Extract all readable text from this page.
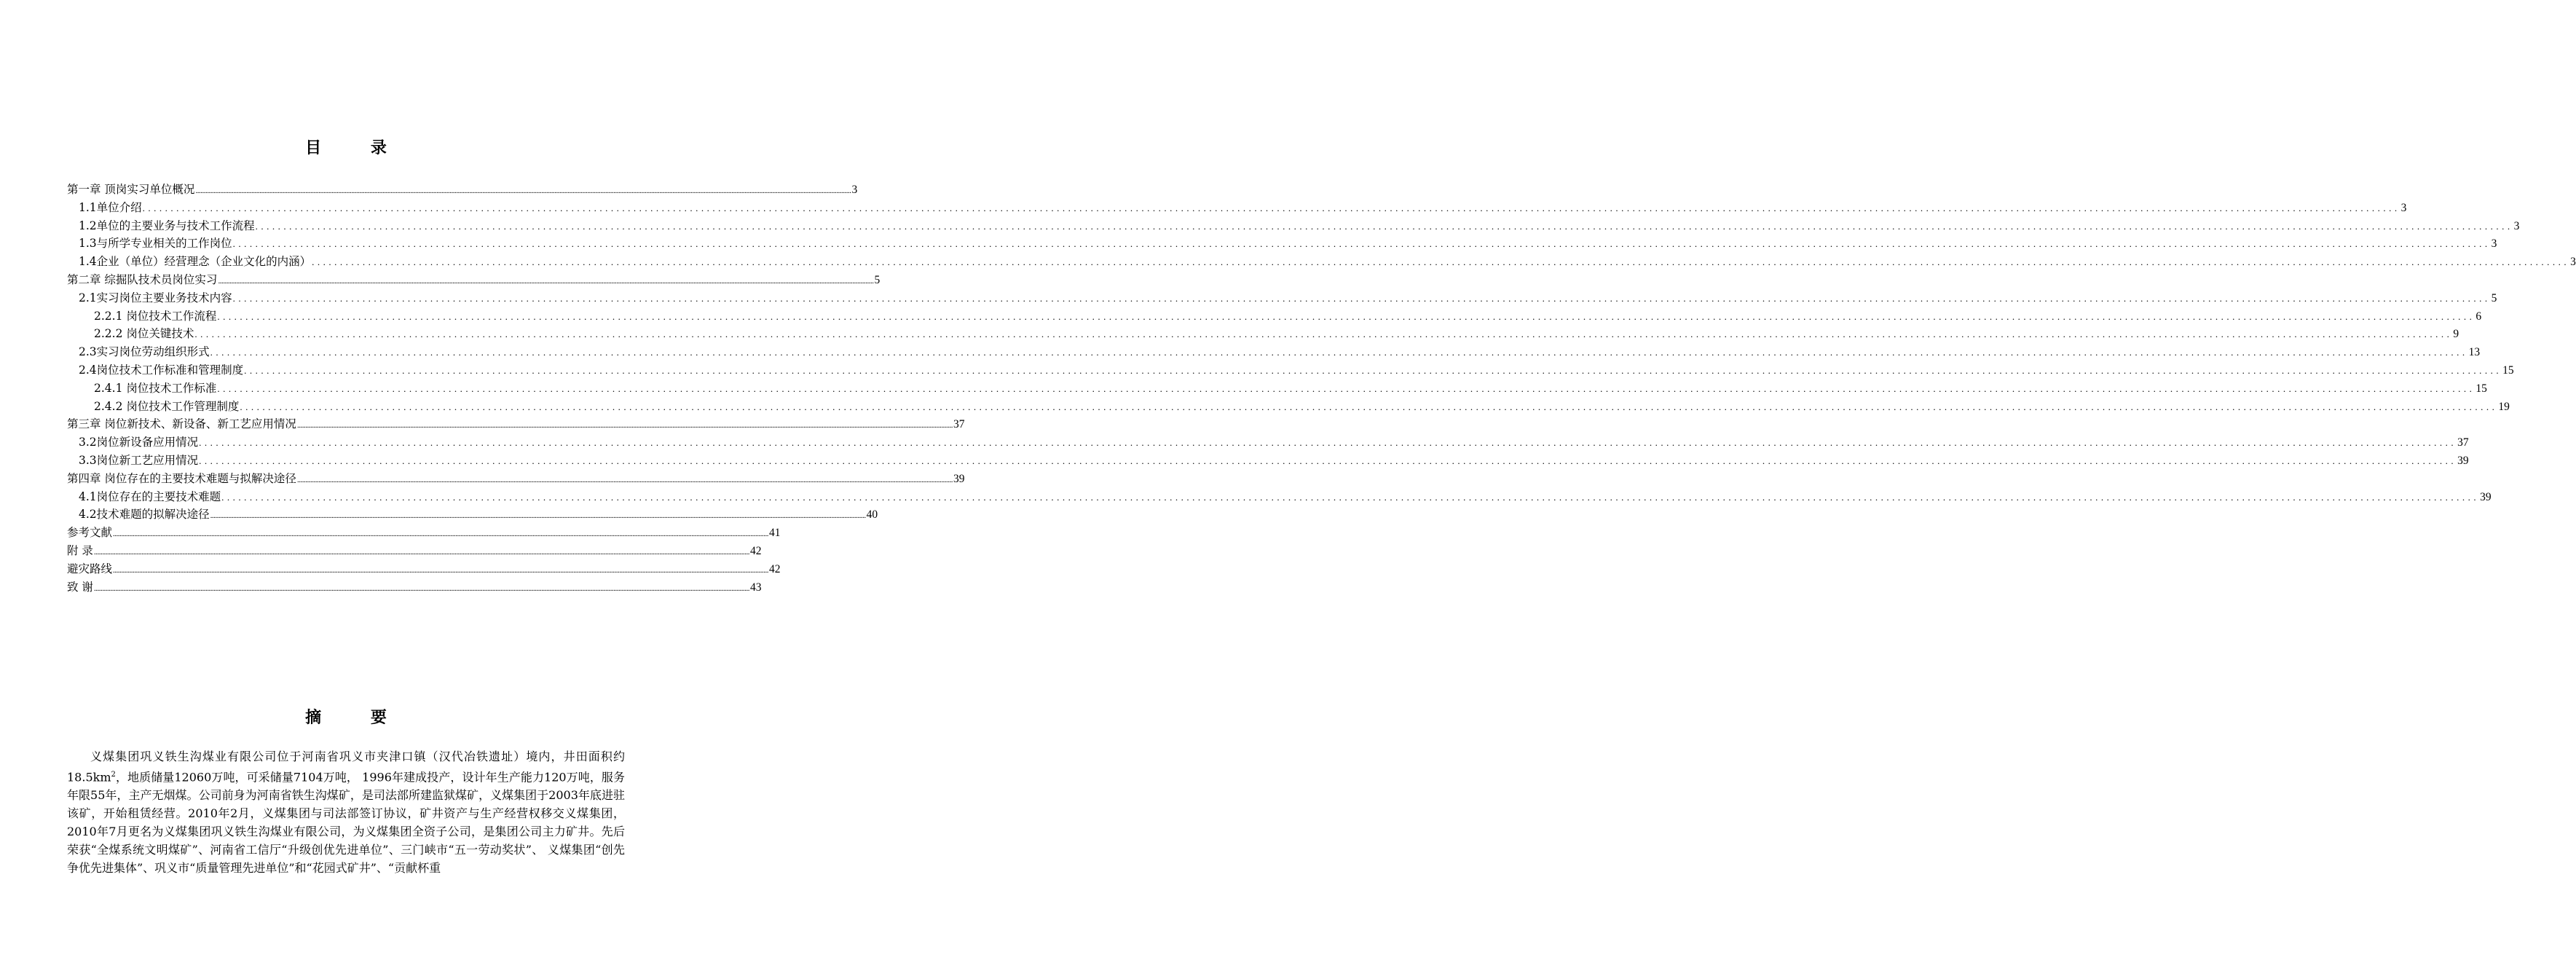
目 录
第一章 顶岗实习单位概况 ................................................................................................................................................................................................................................................................................................................................................................................................................ 3
1.1单位介绍 ................................................................................................................................................................................................................................................................................................................................................................................................................ 3
1.2单位的主要业务与技术工作流程 ................................................................................................................................................................................................................................................................................................................................................................................................................ 3
1.3与所学专业相关的工作岗位 ................................................................................................................................................................................................................................................................................................................................................................................................................ 3
1.4企业（单位）经营理念（企业文化的内涵） ................................................................................................................................................................................................................................................................................................................................................................................................................ 3
第二章 综掘队技术员岗位实习 ................................................................................................................................................................................................................................................................................................................................................................................................................ 5
2.1实习岗位主要业务技术内容 ................................................................................................................................................................................................................................................................................................................................................................................................................ 5
2.2.1 岗位技术工作流程 ................................................................................................................................................................................................................................................................................................................................................................................................................ 6
2.2.2 岗位关键技术 ................................................................................................................................................................................................................................................................................................................................................................................................................ 9
2.3实习岗位劳动组织形式 ................................................................................................................................................................................................................................................................................................................................................................................................................ 13
2.4岗位技术工作标准和管理制度 ................................................................................................................................................................................................................................................................................................................................................................................................................ 15
2.4.1 岗位技术工作标准 ................................................................................................................................................................................................................................................................................................................................................................................................................ 15
2.4.2 岗位技术工作管理制度 ................................................................................................................................................................................................................................................................................................................................................................................................................ 19
第三章 岗位新技术、新设备、新工艺应用情况 ................................................................................................................................................................................................................................................................................................................................................................................................................ 37
3.2岗位新设备应用情况 ................................................................................................................................................................................................................................................................................................................................................................................................................ 37
3.3岗位新工艺应用情况 ................................................................................................................................................................................................................................................................................................................................................................................................................ 39
第四章 岗位存在的主要技术难题与拟解决途径 ................................................................................................................................................................................................................................................................................................................................................................................................................ 39
4.1岗位存在的主要技术难题 ................................................................................................................................................................................................................................................................................................................................................................................................................ 39
4.2技术难题的拟解决途径 ................................................................................................................................................................................................................................................................................................................................................................................................................ 40
参考文献 ................................................................................................................................................................................................................................................................................................................................................................................................................ 41
附 录 ................................................................................................................................................................................................................................................................................................................................................................................................................ 42
避灾路线 ................................................................................................................................................................................................................................................................................................................................................................................................................ 42
致 谢 ................................................................................................................................................................................................................................................................................................................................................................................................................ 43
摘 要
义煤集团巩义铁生沟煤业有限公司位于河南省巩义市夹津口镇（汉代冶铁遗址）境内，井田面积约$18.5km^2$，地质储量12060万吨，可采储量7104万吨， 1996年建成投产，设计年生产能力120万吨，服务年限55年，主产无烟煤。公司前身为河南省铁生沟煤矿，是司法部所建监狱煤矿，义煤集团于2003年底进驻该矿，开始租赁经营。2010年2月，义煤集团与司法部签订协议，矿井资产与生产经营权移交义煤集团，2010年7月更名为义煤集团巩义铁生沟煤业有限公司，为义煤集团全资子公司，是集团公司主力矿井。先后荣获“全煤系统文明煤矿”、河南省工信厅“升级创优先进单位”、三门峡市“五一劳动奖状”、 义煤集团“创先争优先进集体”、巩义市“质量管理先进单位”和“花园式矿井”、“贡献杯重
